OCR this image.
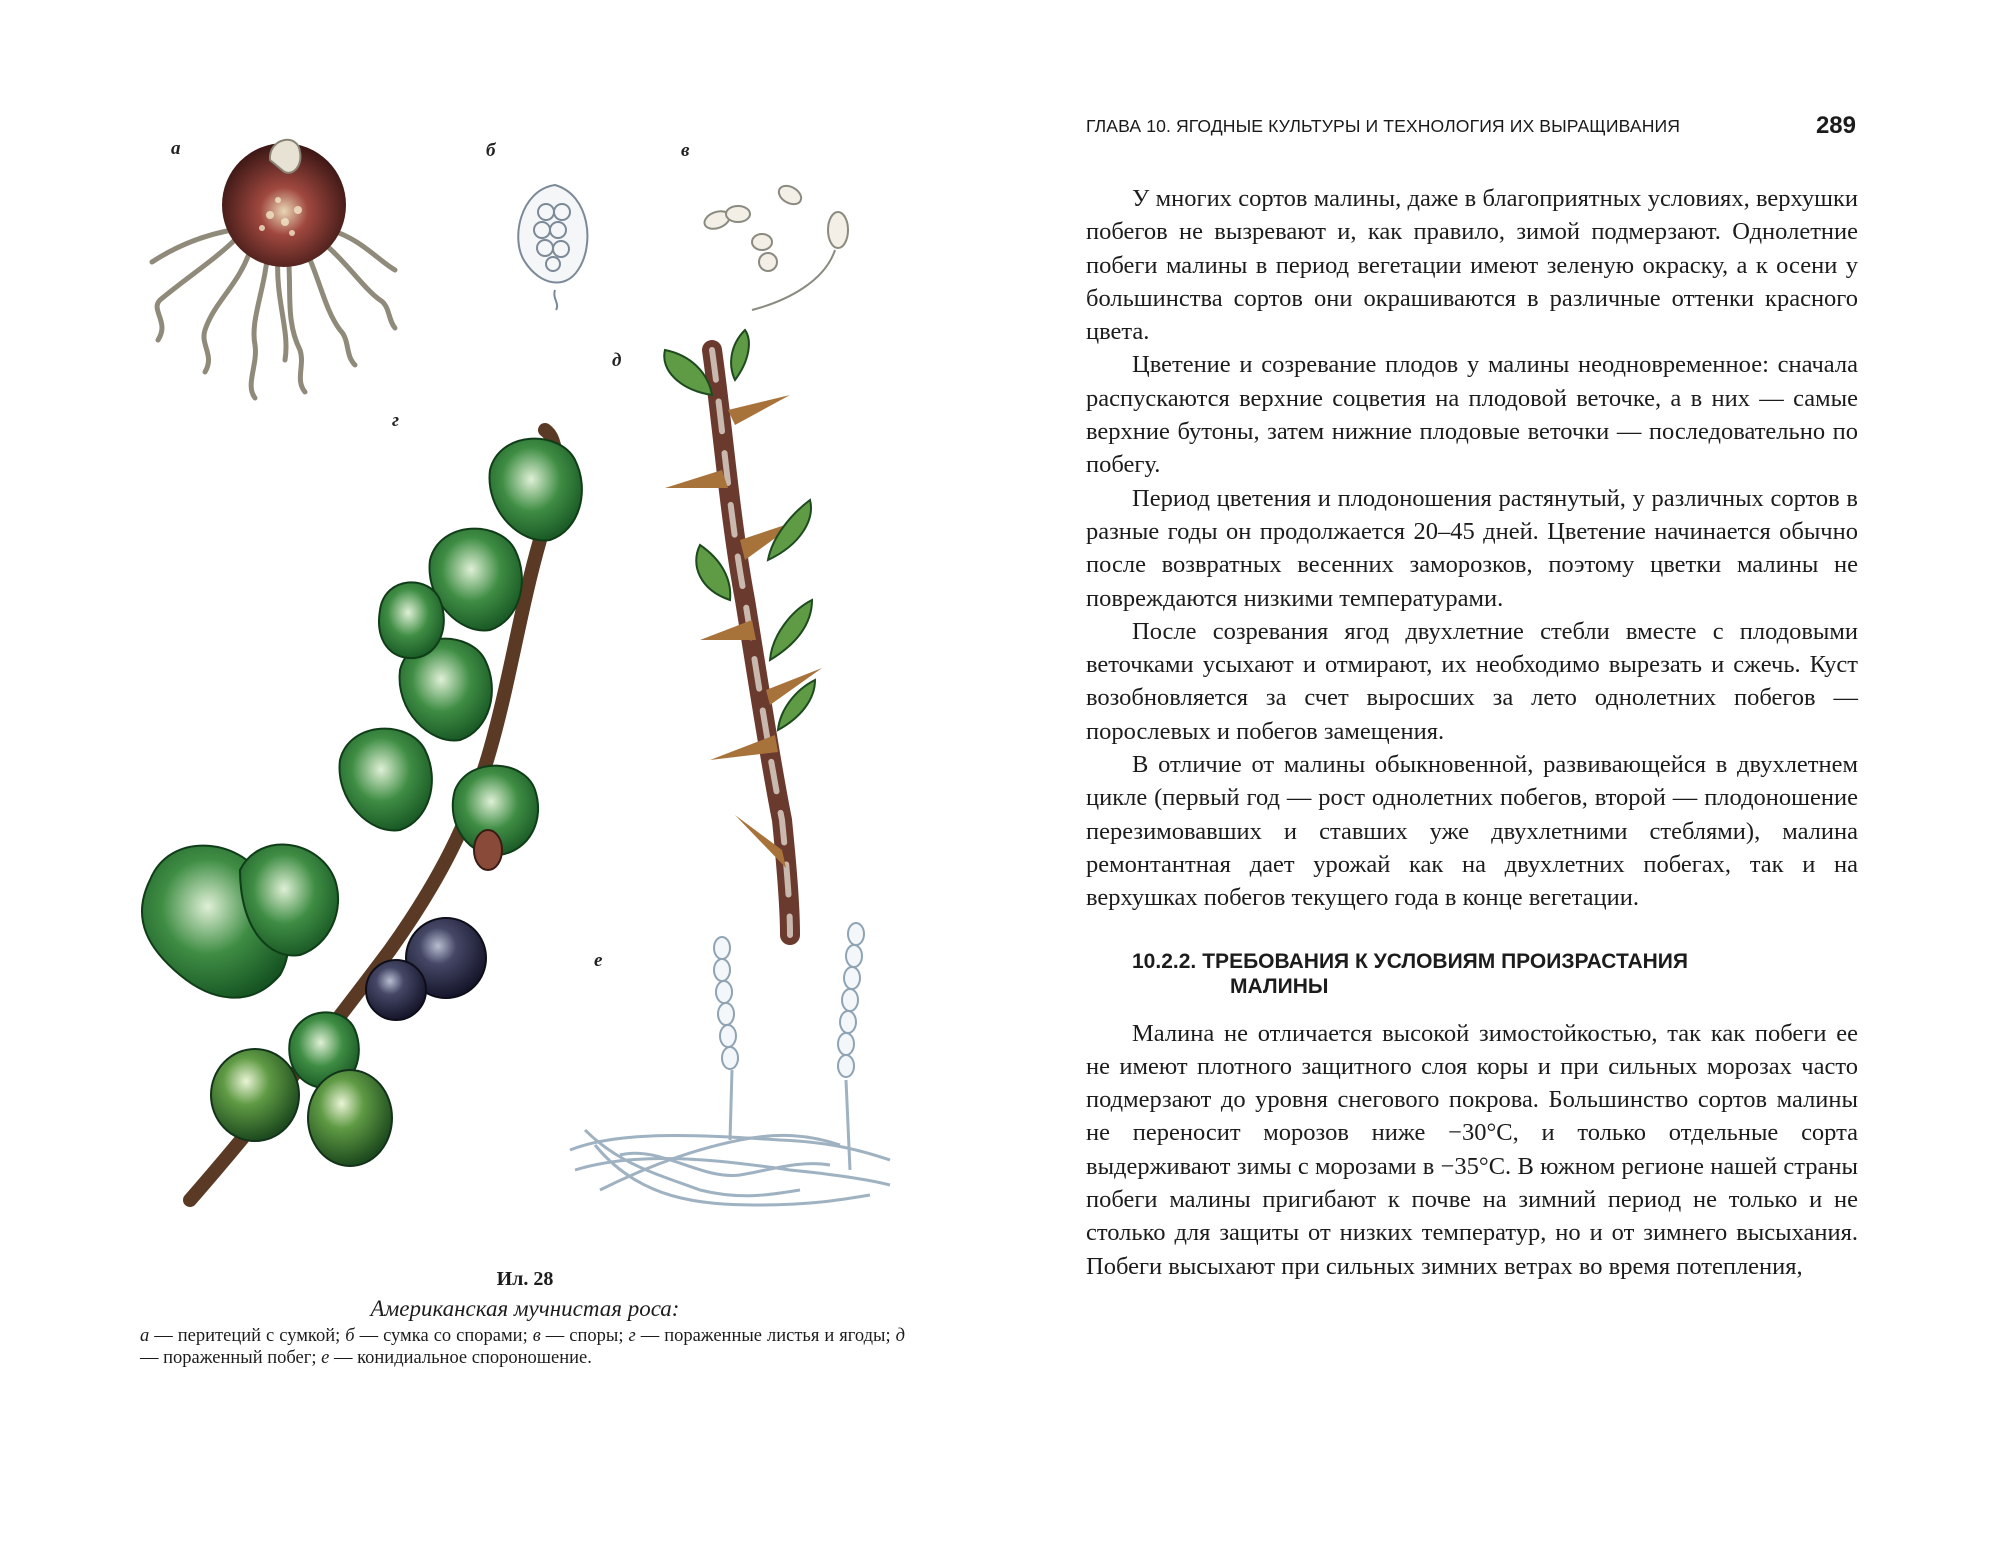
а	б	в
г
д
е
Ил. 28
Американская мучнистая роса:
а — перитеций с сумкой; б — сумка со спорами; в — споры; г — пораженные листья и ягоды; д — пораженный побег; е — конидиальное спороношение.
ГЛАВА 10. ЯГОДНЫЕ КУЛЬТУРЫ И ТЕХНОЛОГИЯ ИХ ВЫРАЩИВАНИЯ	289

У многих сортов малины, даже в благоприятных условиях, верхушки побегов не вызревают и, как правило, зимой подмерзают. Однолетние побеги малины в период вегетации имеют зеленую окраску, а к осени у большинства сортов они окрашиваются в различные оттенки красного цвета.

Цветение и созревание плодов у малины неодновременное: сначала распускаются верхние соцветия на плодовой веточке, а в них — самые верхние бутоны, затем нижние плодовые веточки — последовательно по побегу.

Период цветения и плодоношения растянутый, у различных сортов в разные годы он продолжается 20–45 дней. Цветение начинается обычно после возвратных весенних заморозков, поэтому цветки малины не повреждаются низкими температурами.

После созревания ягод двухлетние стебли вместе с плодовыми веточками усыхают и отмирают, их необходимо вырезать и сжечь. Куст возобновляется за счет выросших за лето однолетних побегов — порослевых и побегов замещения.

В отличие от малины обыкновенной, развивающейся в двухлетнем цикле (первый год — рост однолетних побегов, второй — плодоношение перезимовавших и ставших уже двухлетними стеблями), малина ремонтантная дает урожай как на двухлетних побегах, так и на верхушках побегов текущего года в конце вегетации.

10.2.2. ТРЕБОВАНИЯ К УСЛОВИЯМ ПРОИЗРАСТАНИЯ
МАЛИНЫ

Малина не отличается высокой зимостойкостью, так как побеги ее не имеют плотного защитного слоя коры и при сильных морозах часто подмерзают до уровня снегового покрова. Большинство сортов малины не переносит морозов ниже −30°C, и только отдельные сорта выдерживают зимы с морозами в −35°C. В южном регионе нашей страны побеги малины пригибают к почве на зимний период не только и не столько для защиты от низких температур, но и от зимнего высыхания. Побеги высыхают при сильных зимних ветрах во время потепления,
